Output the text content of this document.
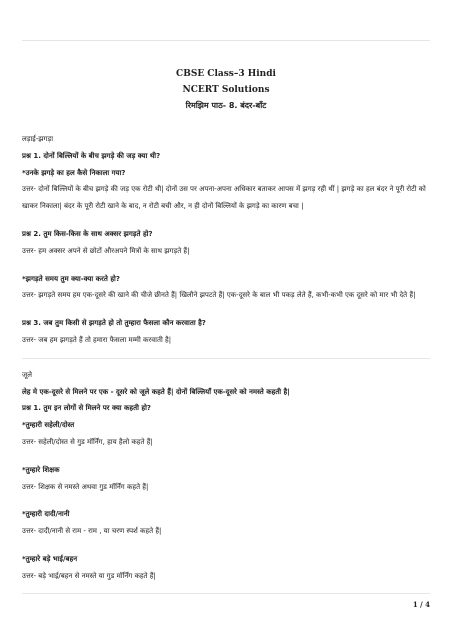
CBSE Class–3 Hindi
NCERT Solutions
रिमझिम पाठ- 8. बंदर-बाँट

लड़ाई-झगड़ा

प्रश्न 1. दोनों बिल्लियों के बीच झगड़े की जड़ क्या थी?

*उनके झगड़े का हल कैसे निकाला गया?

उत्तर- दोनों बिल्लियों के बीच झगड़े की जड़ एक रोटी थी| दोनों उस पर अपना-अपना अधिकार बताकर आपस में झगड़ रही थीं | झगड़े का हल बंदर ने पूरी रोटी को खाकर निकाला| बंदर के पूरी रोटी खाने के बाद, न रोटी बची और, न ही दोनों बिल्लियों के झगड़े का कारण बचा |

प्रश्न 2. तुम किस-किस के साथ अक्सर झगड़ते हो?

उत्तर- हम अक्सर अपने से छोटों औरअपने मित्रों के साथ झगड़ते हैं|

*झगड़ते समय तुम क्या-क्या करते हो?

उत्तर- झगड़ते समय हम एक-दूसरे की खाने की चीजे छीनते हैं| खिलौने झपटते हैं| एक-दूसरे के बाल भी पकड़ लेते हैं, कभी-कभी एक दूसरे को मार भी देते हैं|

प्रश्न 3. जब तुम किसी से झगड़ते हो तो तुम्हारा फैसला कौन करवाता है?

उत्तर- जब हम झगड़ते हैं तो हमारा फैसला मम्मी करवाती है|

जूले

लेह मे एक-दूसरे से मिलने पर एक - दूसरे को जूले कहते हैं| दोनों बिल्लियाँ एक-दूसरे को नमस्ते कहती है|

प्रश्न 1. तुम इन लोगों से मिलने पर क्या कहती हो?

*तुम्हारी सहेली/दोस्त

उत्तर- सहेली/दोस्त से गुड मॉर्निंग, हाय हैलो कहते हैं|

*तुम्हारे शिक्षक

उत्तर- शिक्षक से नमस्ते अथवा गुड मॉर्निंग कहते हैं|

*तुम्हारी दादी/नानी

उत्तर- दादी/नानी से राम - राम , या चरण स्पर्श कहते हैं|

*तुम्हारे बड़े भाई/बहन

उत्तर- बड़े भाई/बहन से नमस्ते या गुड मॉर्निंग कहते हैं|

1 / 4
